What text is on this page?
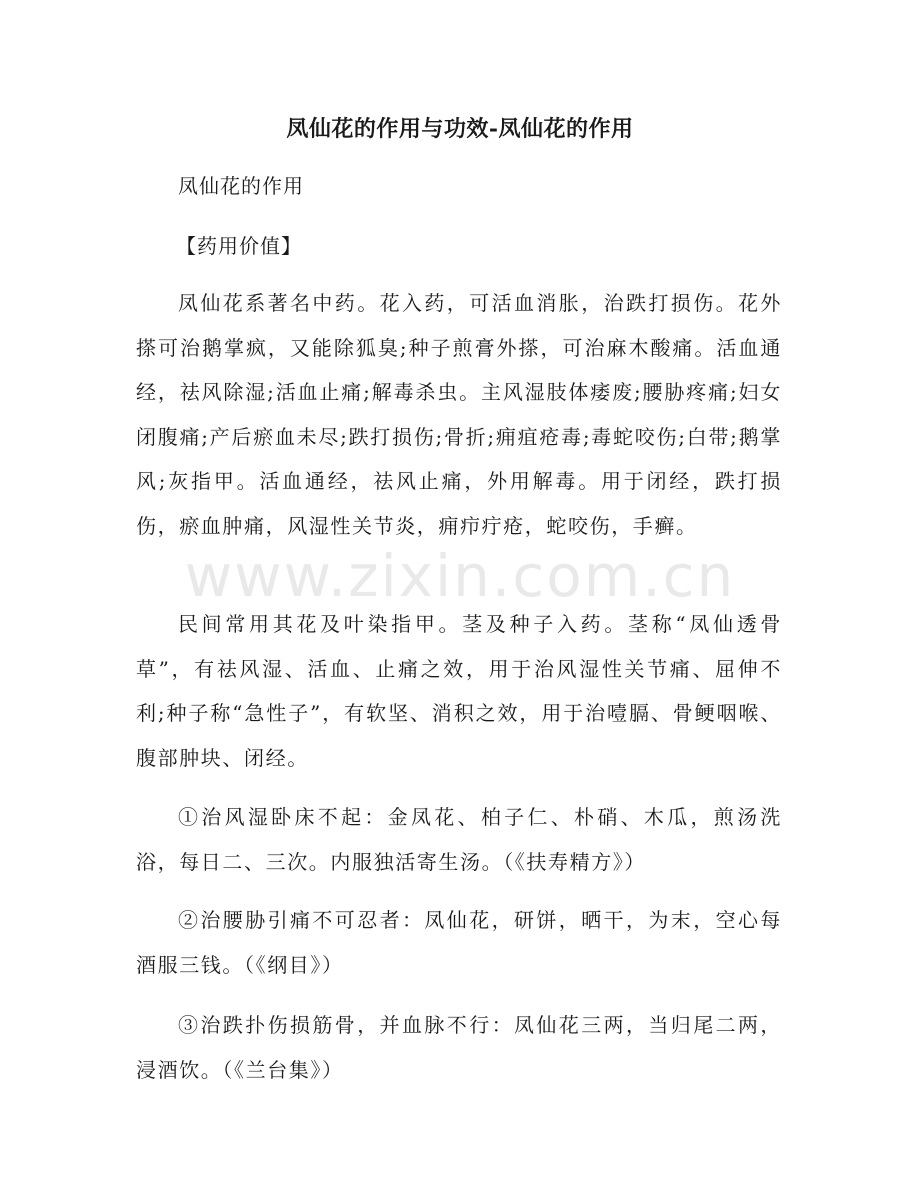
凤仙花的作用与功效-凤仙花的作用
凤仙花的作用
【药用价值】

凤仙花系著名中药。花入药，可活血消胀，治跌打损伤。花外搽可治鹅掌疯，又能除狐臭;种子煎膏外搽，可治麻木酸痛。活血通经，祛风除湿;活血止痛;解毒杀虫。主风湿肢体痿废;腰胁疼痛;妇女闭腹痛;产后瘀血未尽;跌打损伤;骨折;痈疽疮毒;毒蛇咬伤;白带;鹅掌风;灰指甲。活血通经，祛风止痛，外用解毒。用于闭经，跌打损伤，瘀血肿痛，风湿性关节炎，痈疖疔疮，蛇咬伤，手癣。

民间常用其花及叶染指甲。茎及种子入药。茎称“凤仙透骨草”，有祛风湿、活血、止痛之效，用于治风湿性关节痛、屈伸不利;种子称“急性子”，有软坚、消积之效，用于治噎膈、骨鲠咽喉、腹部肿块、闭经。

①治风湿卧床不起：金凤花、柏子仁、朴硝、木瓜，煎汤洗浴，每日二、三次。内服独活寄生汤。（《扶寿精方》）

②治腰胁引痛不可忍者：凤仙花，研饼，晒干，为末，空心每酒服三钱。（《纲目》）

③治跌扑伤损筋骨，并血脉不行：凤仙花三两，当归尾二两，浸酒饮。（《兰台集》）

www.zixin.com.cn
